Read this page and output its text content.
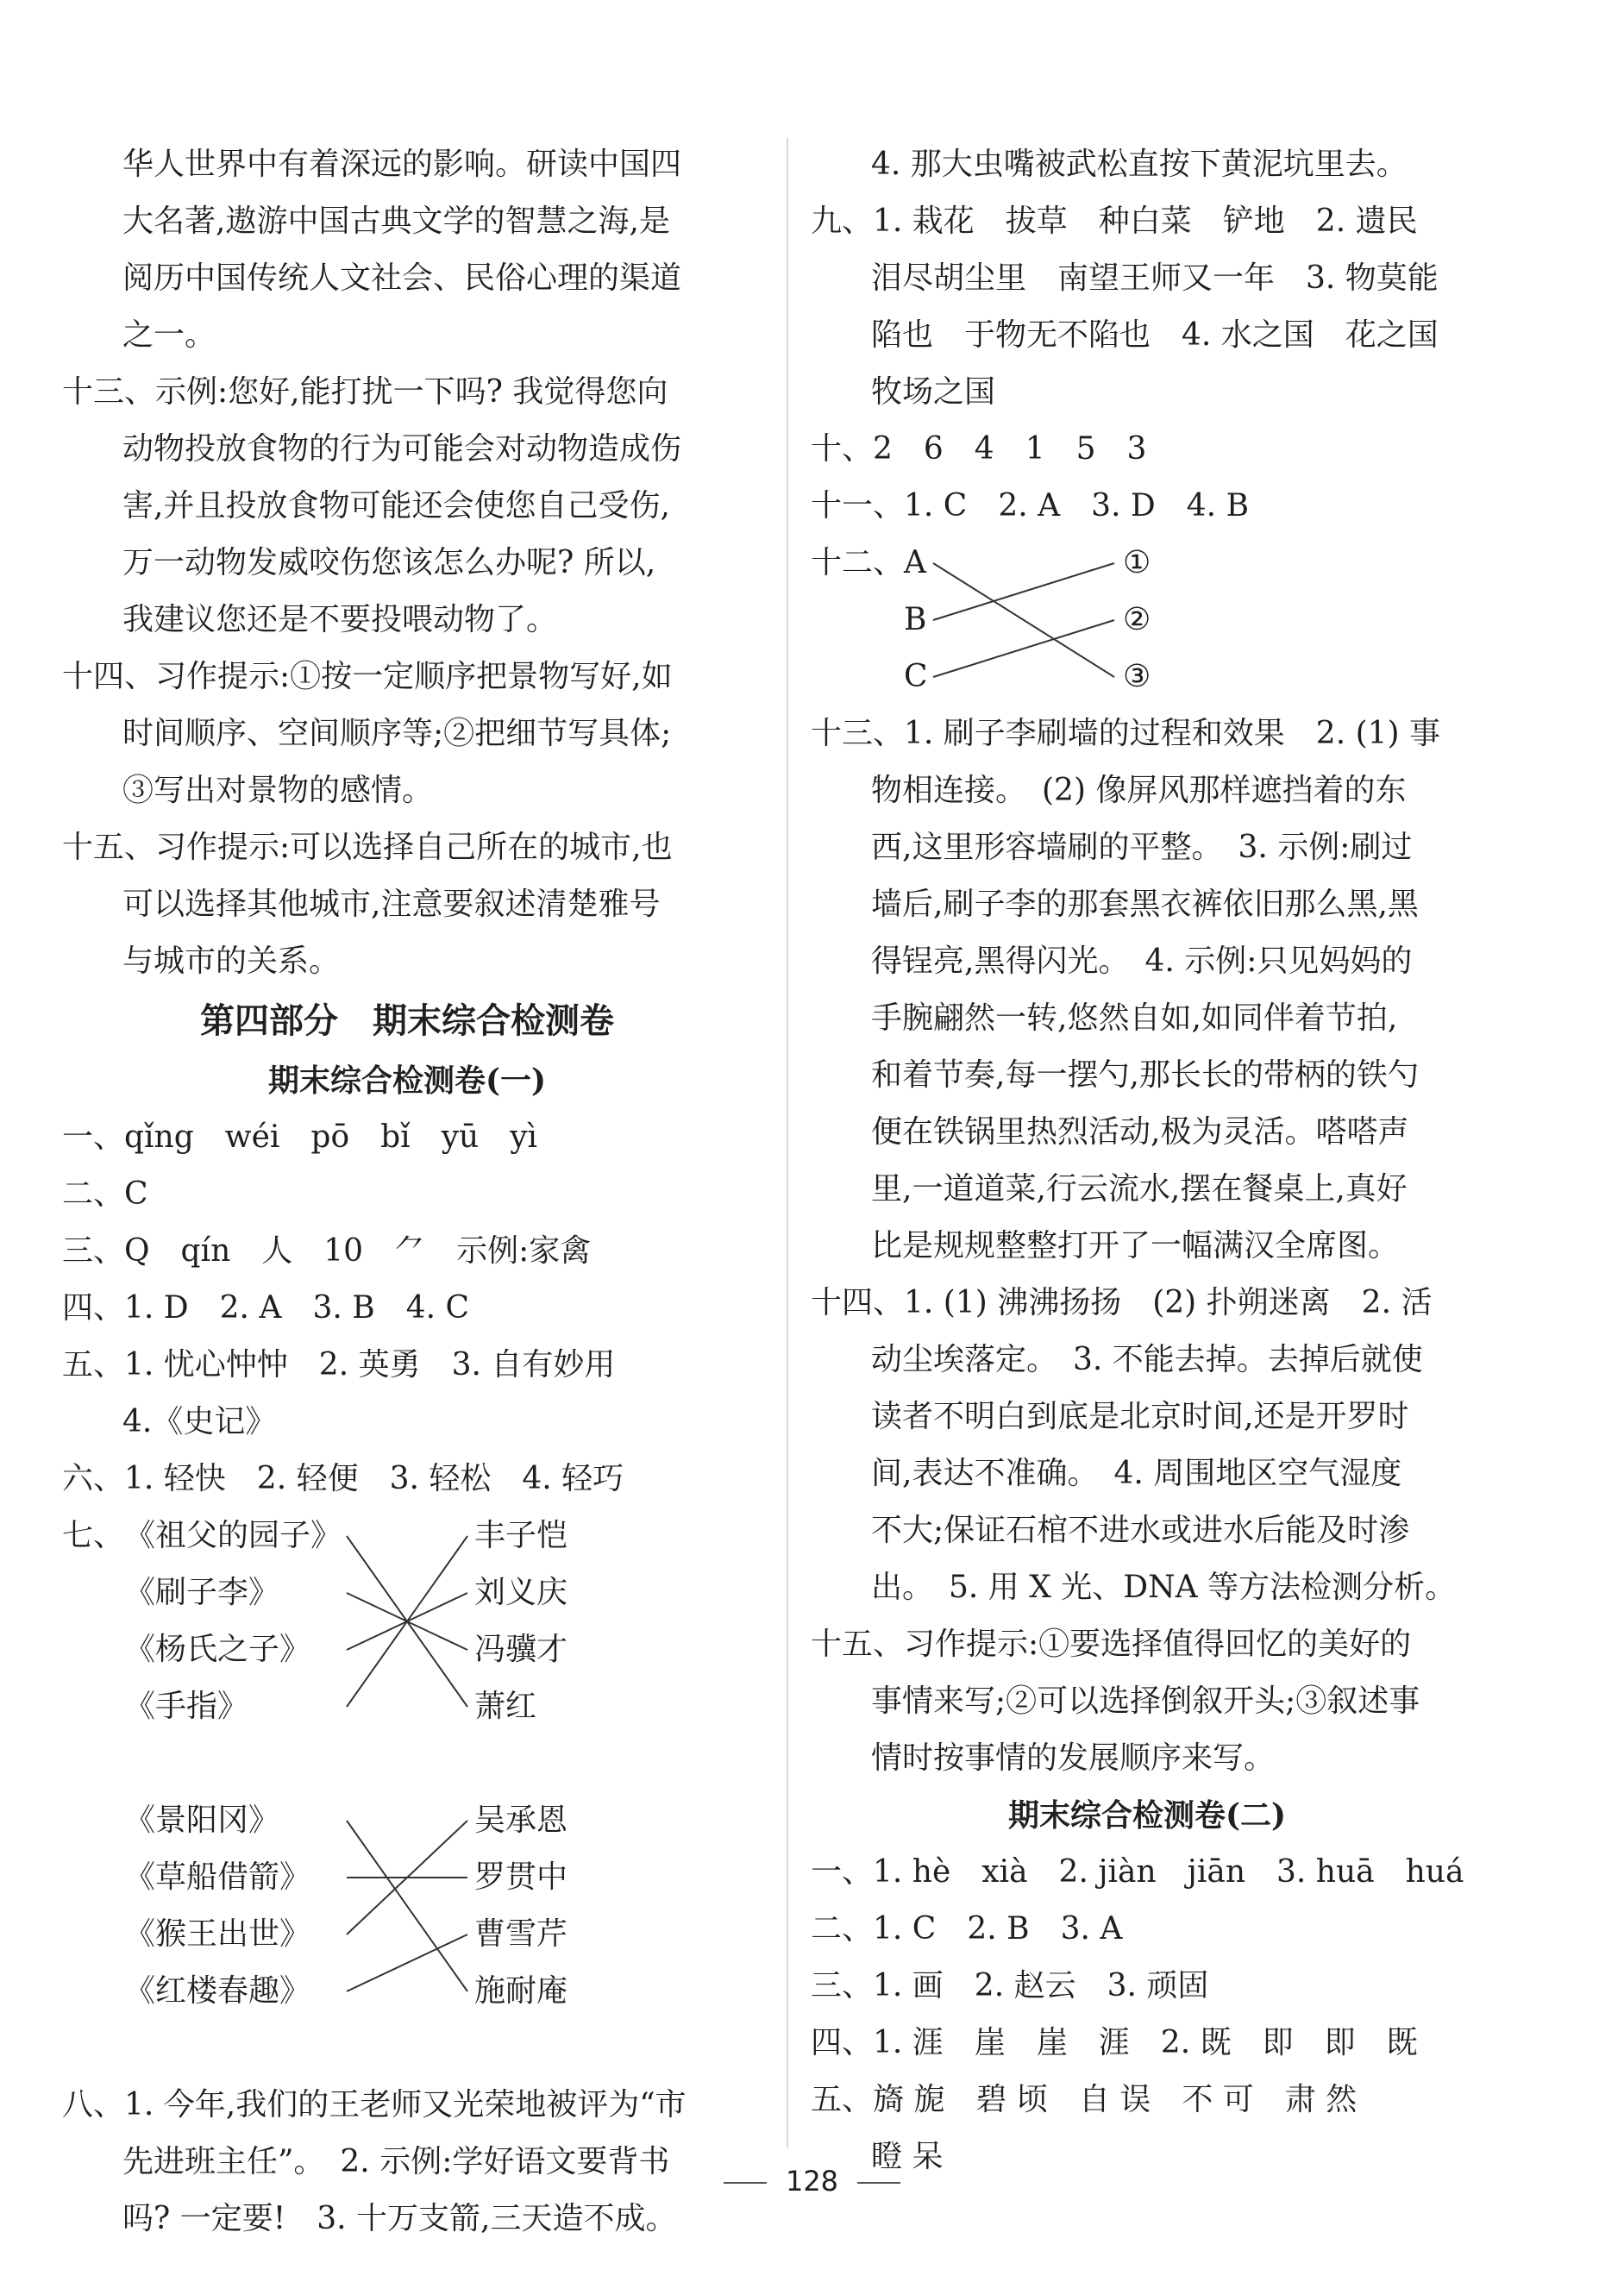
华人世界中有着深远的影响。研读中国四
大名著,遨游中国古典文学的智慧之海,是
阅历中国传统人文社会、民俗心理的渠道
之一。
十三、示例:您好,能打扰一下吗? 我觉得您向
动物投放食物的行为可能会对动物造成伤
害,并且投放食物可能还会使您自己受伤,
万一动物发威咬伤您该怎么办呢? 所以,
我建议您还是不要投喂动物了。
十四、习作提示:①按一定顺序把景物写好,如
时间顺序、空间顺序等;②把细节写具体;
③写出对景物的感情。
十五、习作提示:可以选择自己所在的城市,也
可以选择其他城市,注意要叙述清楚雅号
与城市的关系。
第四部分　期末综合检测卷
期末综合检测卷(一)
一、qǐng　wéi　pō　bǐ　yū　yì
二、C
三、Q　qín　人　10　⺈　示例:家禽
四、1. D　2. A　3. B　4. C
五、1. 忧心忡忡　2. 英勇　3. 自有妙用
4.《史记》
六、1. 轻快　2. 轻便　3. 轻松　4. 轻巧
七、 《祖父的园子》
《刷子李》
《杨氏之子》
《手指》
丰子恺
刘义庆
冯骥才
萧红
《景阳冈》
《草船借箭》
《猴王出世》
《红楼春趣》
吴承恩
罗贯中
曹雪芹
施耐庵
八、1. 今年,我们的王老师又光荣地被评为“市
先进班主任”。　2. 示例:学好语文要背书
吗? 一定要!　3. 十万支箭,三天造不成。
4. 那大虫嘴被武松直按下黄泥坑里去。
九、1. 栽花　拔草　种白菜　铲地　2. 遗民
泪尽胡尘里　南望王师又一年　3. 物莫能
陷也　于物无不陷也　4. 水之国　花之国
牧场之国
十、2　6　4　1　5　3
十一、1. C　2. A　3. D　4. B
十二、 A
B
C
①
②
③
十三、1. 刷子李刷墙的过程和效果　2. (1) 事
物相连接。　(2) 像屏风那样遮挡着的东
西,这里形容墙刷的平整。　3. 示例:刷过
墙后,刷子李的那套黑衣裤依旧那么黑,黑
得锃亮,黑得闪光。　4. 示例:只见妈妈的
手腕翩然一转,悠然自如,如同伴着节拍,
和着节奏,每一摆勺,那长长的带柄的铁勺
便在铁锅里热烈活动,极为灵活。嗒嗒声
里,一道道菜,行云流水,摆在餐桌上,真好
比是规规整整打开了一幅满汉全席图。
十四、1. (1) 沸沸扬扬　(2) 扑朔迷离　2. 活
动尘埃落定。　3. 不能去掉。去掉后就使
读者不明白到底是北京时间,还是开罗时
间,表达不准确。　4. 周围地区空气湿度
不大;保证石棺不进水或进水后能及时渗
出。　5. 用 X 光、DNA 等方法检测分析。
十五、习作提示:①要选择值得回忆的美好的
事情来写;②可以选择倒叙开头;③叙述事
情时按事情的发展顺序来写。
期末综合检测卷(二)
一、1. hè　xià　2. jiàn　jiān　3. huā　huá
二、1. C　2. B　3. A
三、1. 画　2. 赵云　3. 顽固
四、1. 涯　崖　崖　涯　2. 既　即　即　既
五、旖 旎　碧 顷　自 误　不 可　肃 然
瞪 呆
128
